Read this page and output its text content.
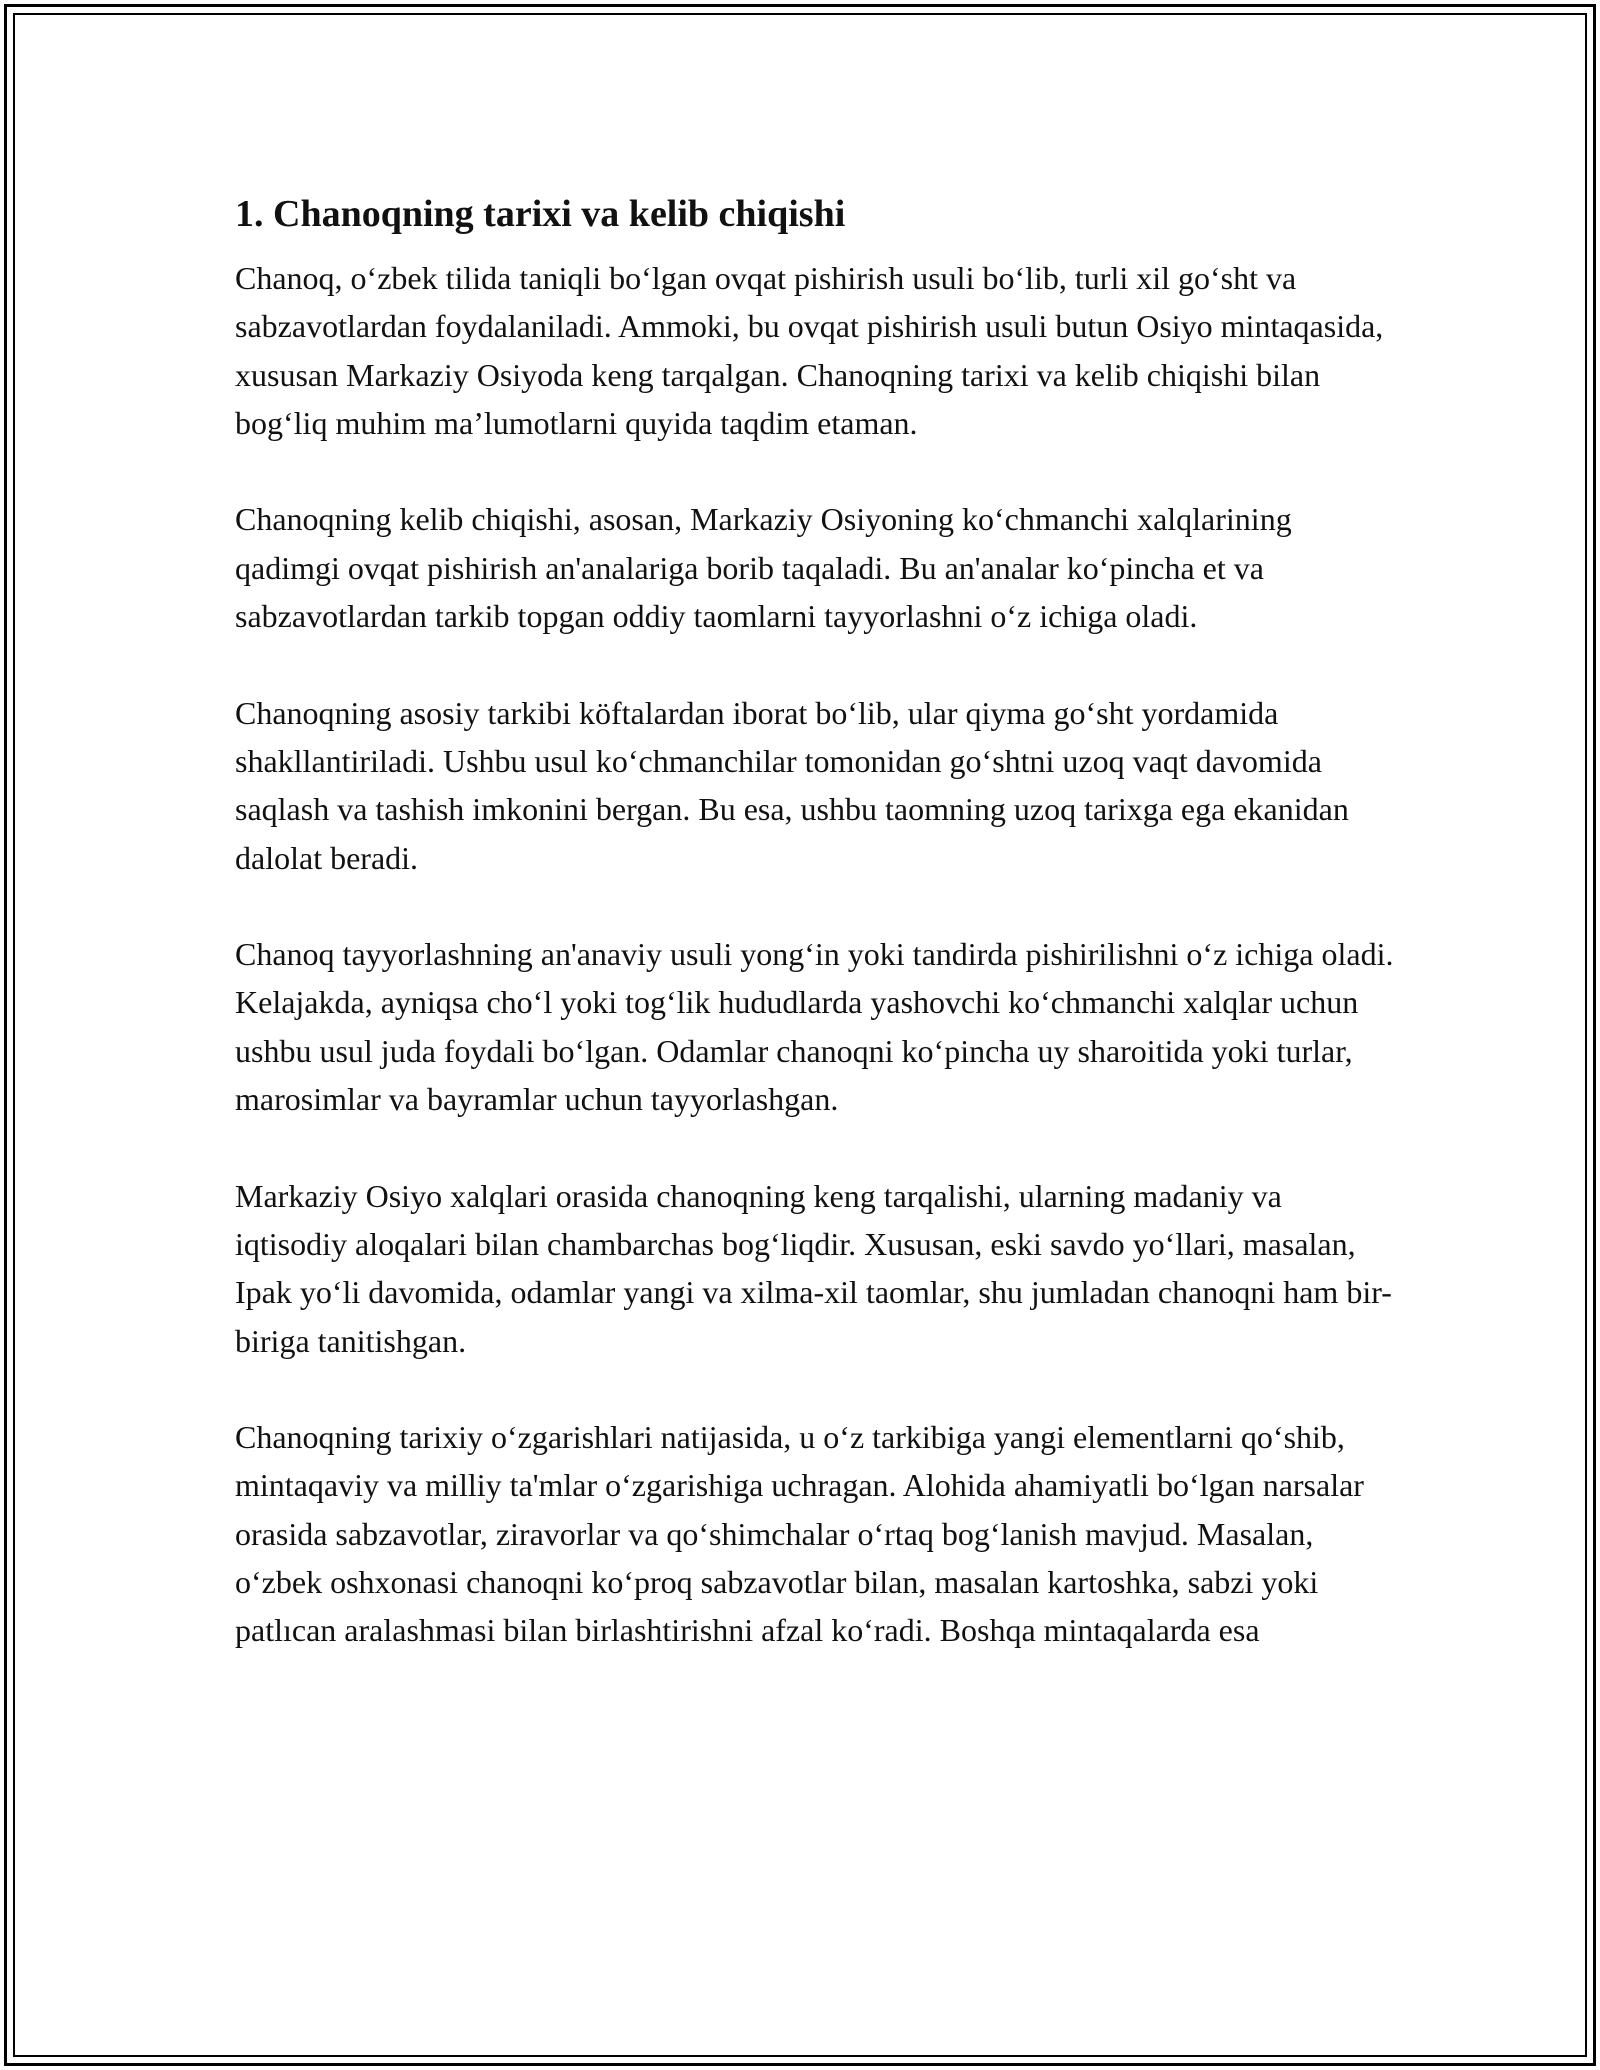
1. Chanoqning tarixi va kelib chiqishi

Chanoq, o‘zbek tilida taniqli bo‘lgan ovqat pishirish usuli bo‘lib, turli xil go‘sht va sabzavotlardan foydalaniladi. Ammoki, bu ovqat pishirish usuli butun Osiyo mintaqasida, xususan Markaziy Osiyoda keng tarqalgan. Chanoqning tarixi va kelib chiqishi bilan bog‘liq muhim ma’lumotlarni quyida taqdim etaman.

Chanoqning kelib chiqishi, asosan, Markaziy Osiyoning ko‘chmanchi xalqlarining qadimgi ovqat pishirish an'analariga borib taqaladi. Bu an'analar ko‘pincha et va sabzavotlardan tarkib topgan oddiy taomlarni tayyorlashni o‘z ichiga oladi.

Chanoqning asosiy tarkibi köftalardan iborat bo‘lib, ular qiyma go‘sht yordamida shakllantiriladi. Ushbu usul ko‘chmanchilar tomonidan go‘shtni uzoq vaqt davomida saqlash va tashish imkonini bergan. Bu esa, ushbu taomning uzoq tarixga ega ekanidan dalolat beradi.

Chanoq tayyorlashning an'anaviy usuli yong‘in yoki tandirda pishirilishni o‘z ichiga oladi. Kelajakda, ayniqsa cho‘l yoki tog‘lik hududlarda yashovchi ko‘chmanchi xalqlar uchun ushbu usul juda foydali bo‘lgan. Odamlar chanoqni ko‘pincha uy sharoitida yoki turlar, marosimlar va bayramlar uchun tayyorlashgan.

Markaziy Osiyo xalqlari orasida chanoqning keng tarqalishi, ularning madaniy va iqtisodiy aloqalari bilan chambarchas bog‘liqdir. Xususan, eski savdo yo‘llari, masalan, Ipak yo‘li davomida, odamlar yangi va xilma-xil taomlar, shu jumladan chanoqni ham bir-biriga tanitishgan.

Chanoqning tarixiy o‘zgarishlari natijasida, u o‘z tarkibiga yangi elementlarni qo‘shib, mintaqaviy va milliy ta'mlar o‘zgarishiga uchragan. Alohida ahamiyatli bo‘lgan narsalar orasida sabzavotlar, ziravorlar va qo‘shimchalar o‘rtaq bog‘lanish mavjud. Masalan, o‘zbek oshxonasi chanoqni ko‘proq sabzavotlar bilan, masalan kartoshka, sabzi yoki patlıcan aralashmasi bilan birlashtirishni afzal ko‘radi. Boshqa mintaqalarda esa
